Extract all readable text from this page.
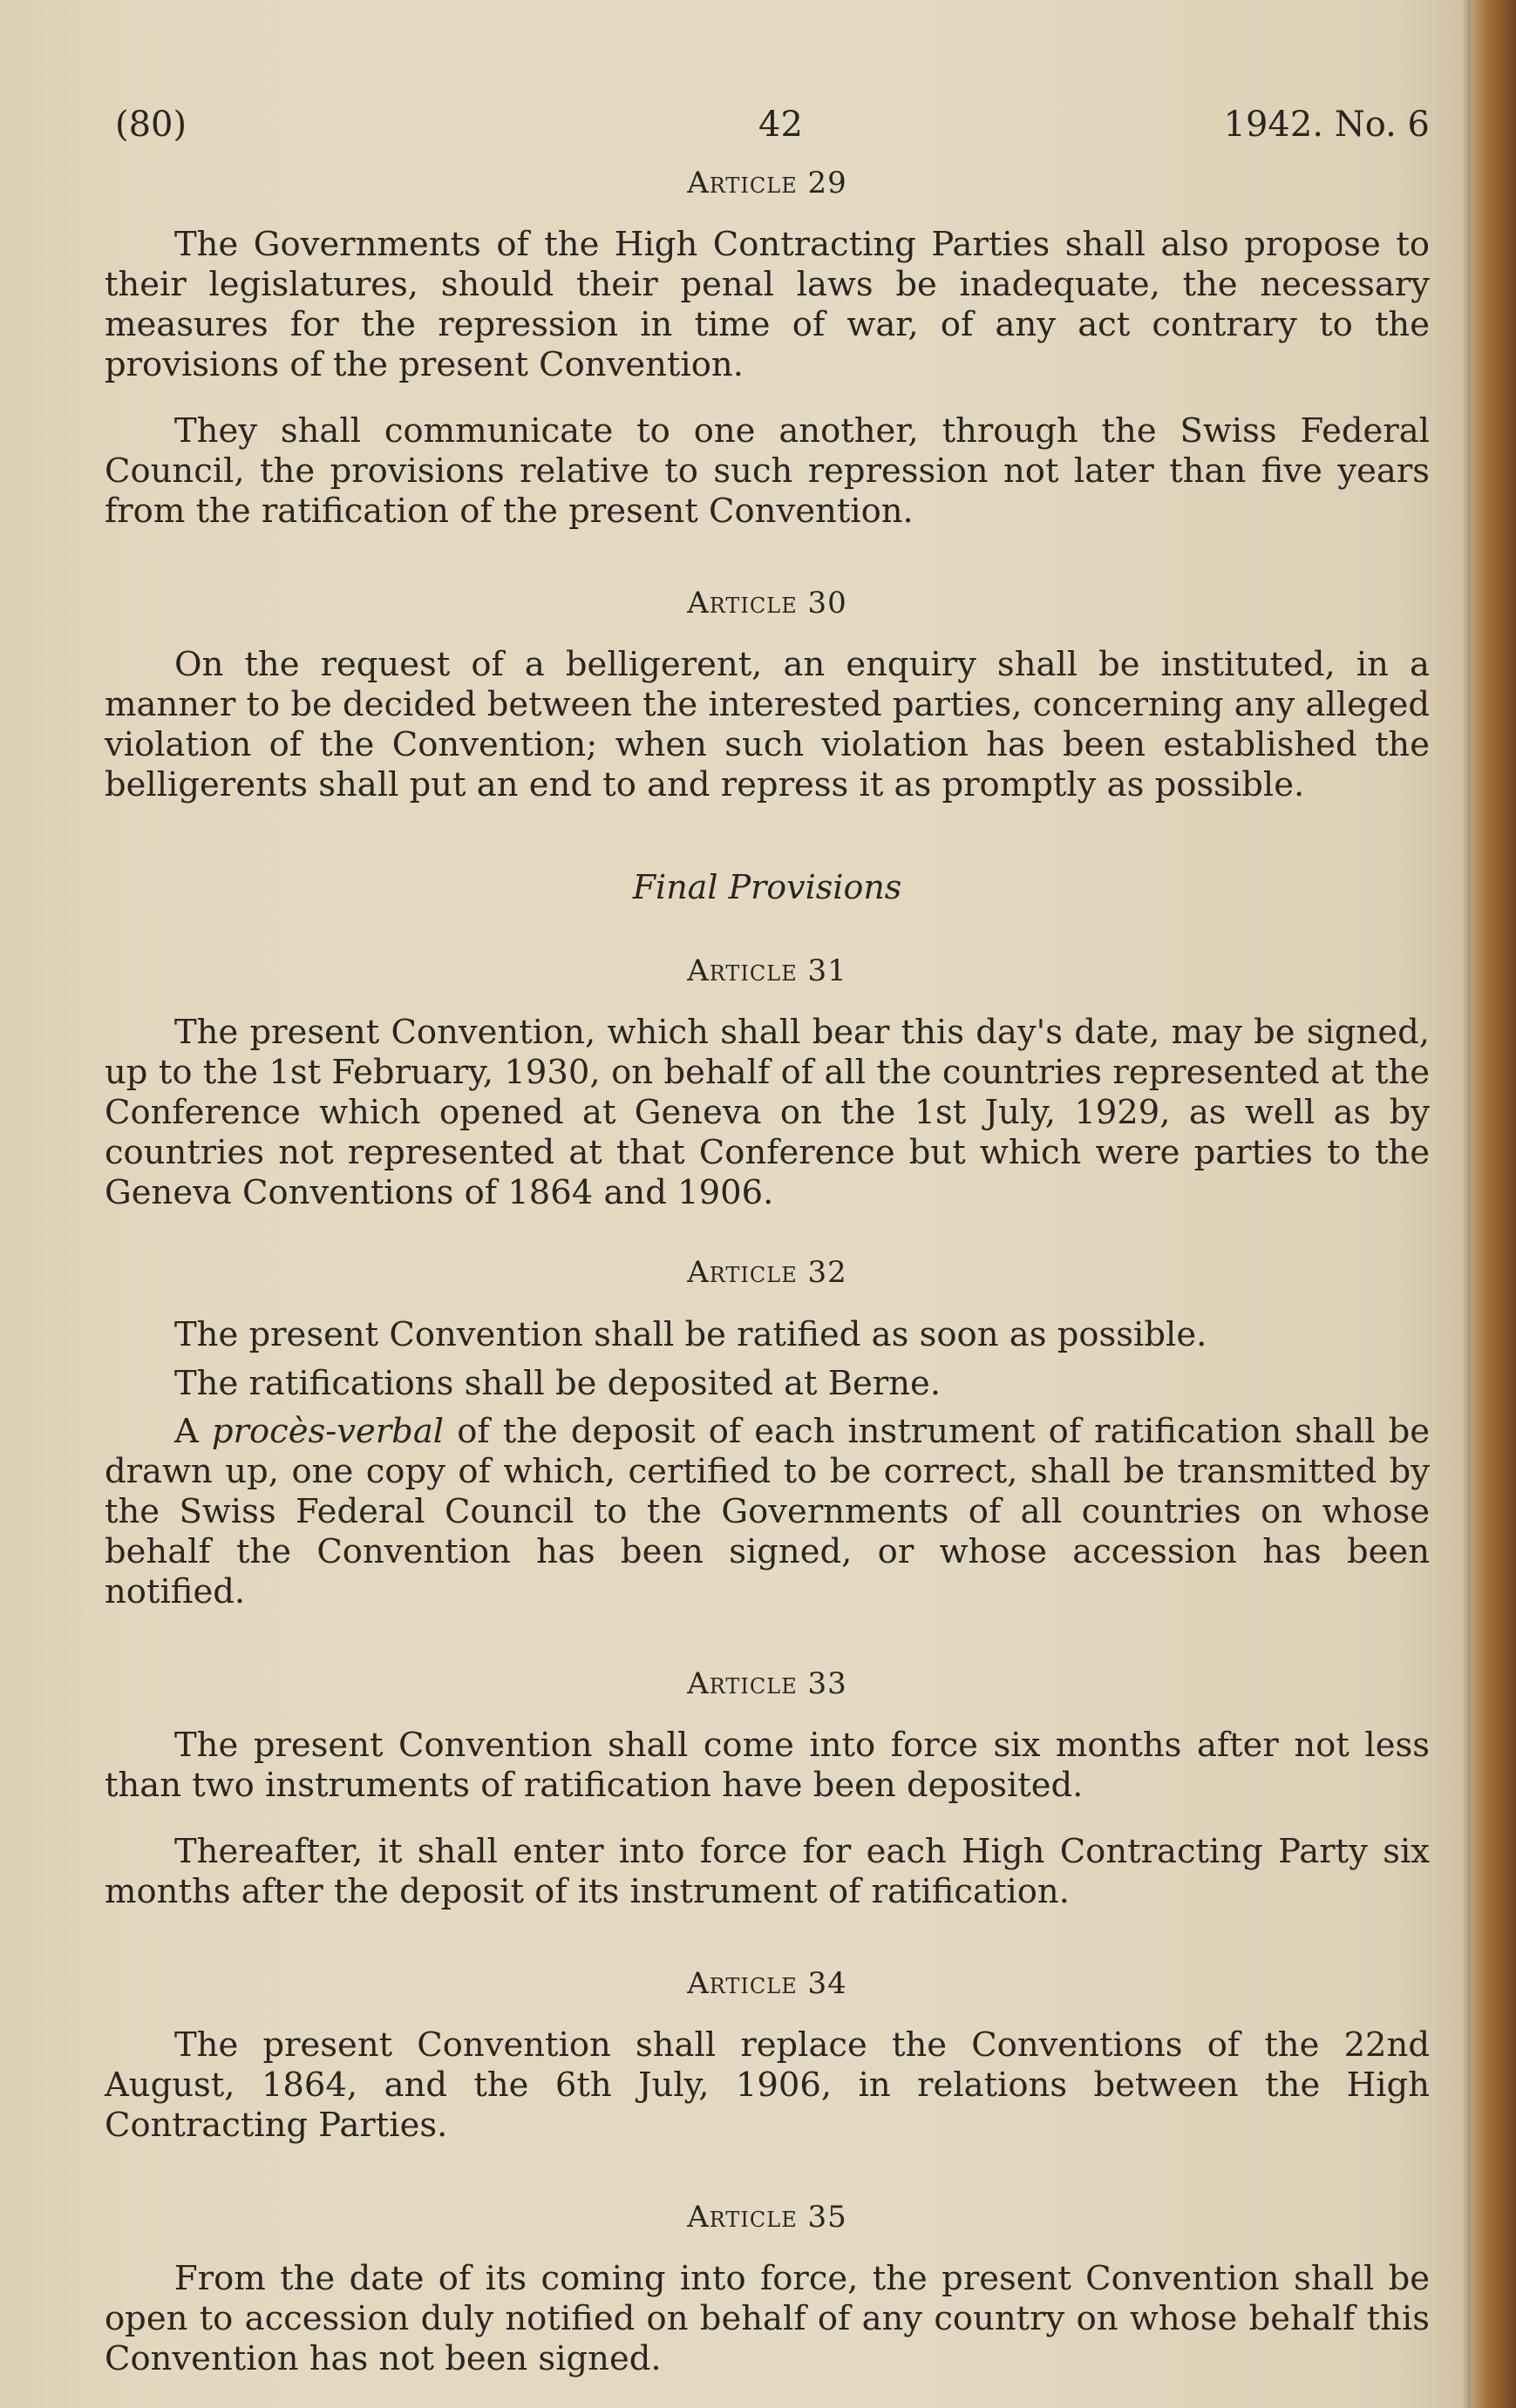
(80)	42	1942. No. 6
Article 29

The Governments of the High Contracting Parties shall also propose to their legislatures, should their penal laws be inadequate, the necessary measures for the repression in time of war, of any act contrary to the provisions of the present Convention.

They shall communicate to one another, through the Swiss Federal Council, the provisions relative to such repression not later than five years from the ratification of the present Convention.

Article 30

On the request of a belligerent, an enquiry shall be instituted, in a manner to be decided between the interested parties, concerning any alleged violation of the Convention; when such violation has been established the belligerents shall put an end to and repress it as promptly as possible.

Final Provisions
Article 31

The present Convention, which shall bear this day's date, may be signed, up to the 1st February, 1930, on behalf of all the countries represented at the Conference which opened at Geneva on the 1st July, 1929, as well as by countries not represented at that Conference but which were parties to the Geneva Conventions of 1864 and 1906.

Article 32

The present Convention shall be ratified as soon as possible.

The ratifications shall be deposited at Berne.

A procès-verbal of the deposit of each instrument of ratification shall be drawn up, one copy of which, certified to be correct, shall be transmitted by the Swiss Federal Council to the Governments of all countries on whose behalf the Convention has been signed, or whose accession has been notified.

Article 33

The present Convention shall come into force six months after not less than two instruments of ratification have been deposited.

Thereafter, it shall enter into force for each High Contracting Party six months after the deposit of its instrument of ratification.

Article 34

The present Convention shall replace the Conventions of the 22nd August, 1864, and the 6th July, 1906, in relations between the High Contracting Parties.

Article 35

From the date of its coming into force, the present Convention shall be open to accession duly notified on behalf of any country on whose behalf this Convention has not been signed.
